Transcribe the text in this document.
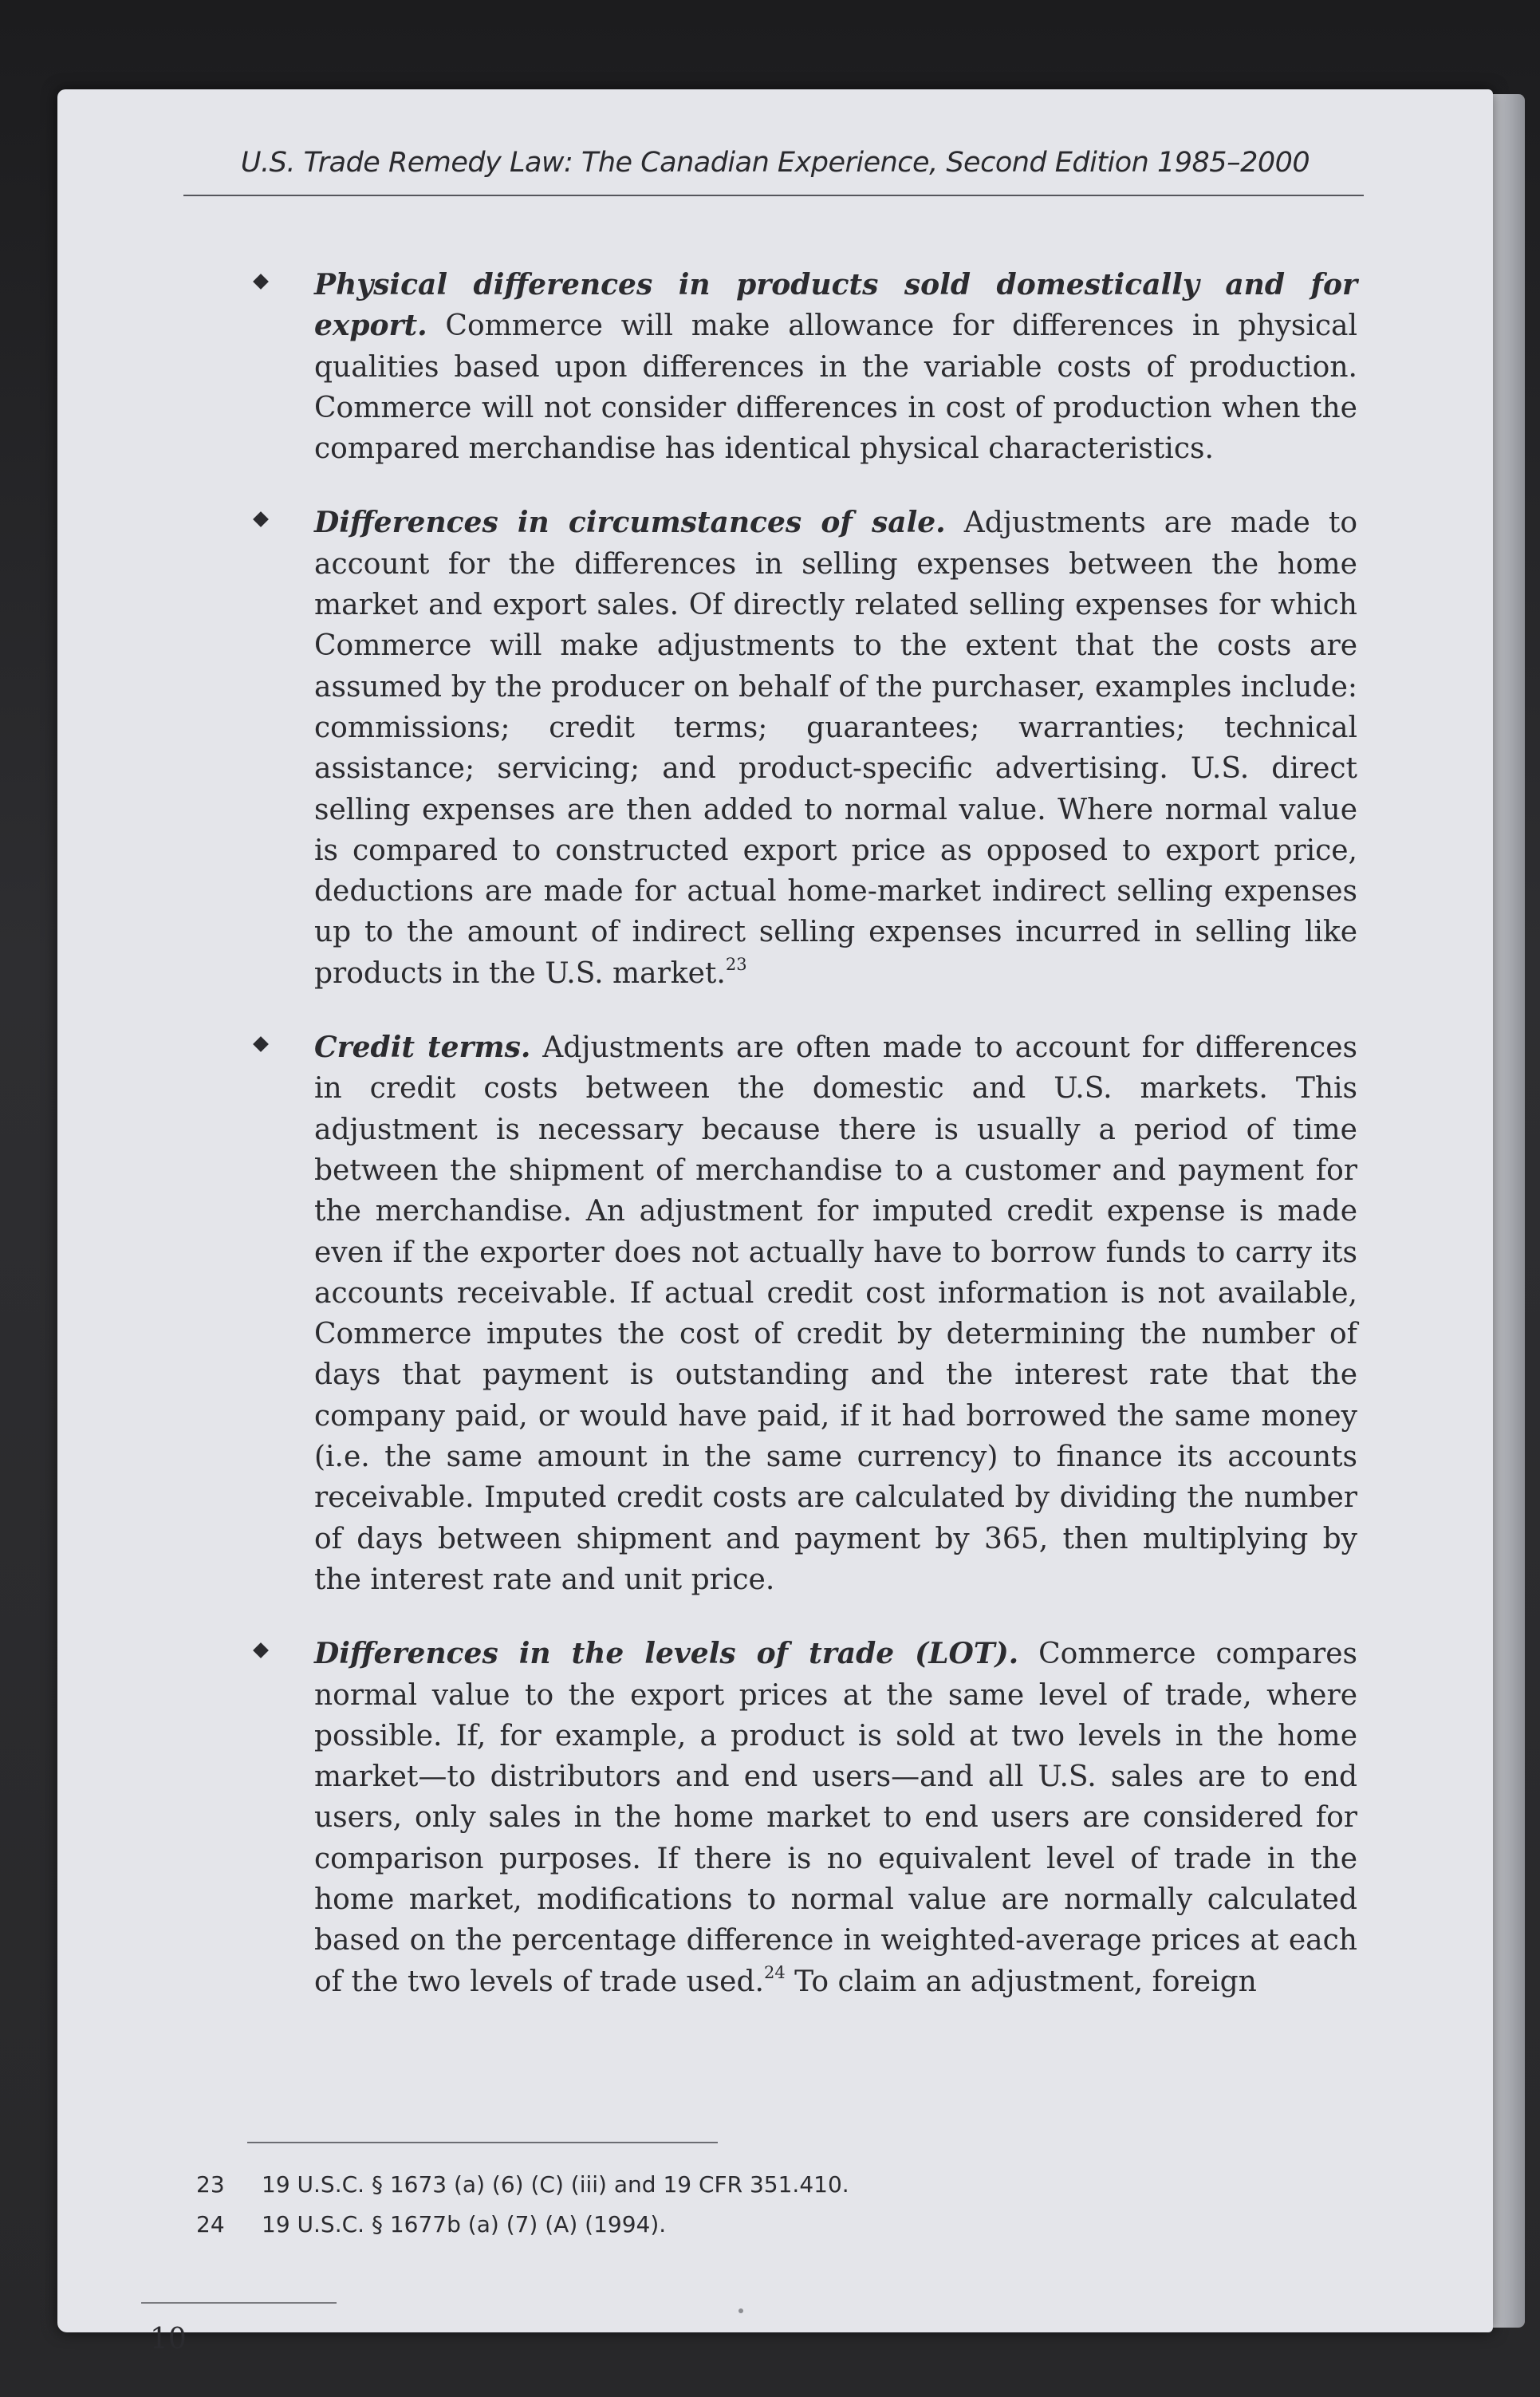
U.S. Trade Remedy Law: The Canadian Experience, Second Edition 1985–2000
Physical differences in products sold domestically and for export. Commerce will make allowance for differences in physical qualities based upon differences in the variable costs of production. Commerce will not consider differences in cost of production when the compared merchandise has identical physical characteristics.
Differences in circumstances of sale. Adjustments are made to account for the differences in selling expenses between the home market and export sales. Of directly related selling expenses for which Commerce will make adjustments to the extent that the costs are assumed by the producer on behalf of the purchaser, examples include: commissions; credit terms; guarantees; warranties; technical assistance; servicing; and product-specific advertising. U.S. direct selling expenses are then added to normal value. Where normal value is compared to constructed export price as opposed to export price, deductions are made for actual home-market indirect selling expenses up to the amount of indirect selling expenses incurred in selling like products in the U.S. market.$^{23}$
Credit terms. Adjustments are often made to account for differences in credit costs between the domestic and U.S. markets. This adjustment is necessary because there is usually a period of time between the shipment of merchandise to a customer and payment for the merchandise. An adjustment for imputed credit expense is made even if the exporter does not actually have to borrow funds to carry its accounts receivable. If actual credit cost information is not available, Commerce imputes the cost of credit by determining the number of days that payment is outstanding and the interest rate that the company paid, or would have paid, if it had borrowed the same money (i.e. the same amount in the same currency) to finance its accounts receivable. Imputed credit costs are calculated by dividing the number of days between shipment and payment by 365, then multiplying by the interest rate and unit price.
Differences in the levels of trade (LOT). Commerce compares normal value to the export prices at the same level of trade, where possible. If, for example, a product is sold at two levels in the home market—to distributors and end users—and all U.S. sales are to end users, only sales in the home market to end users are considered for comparison purposes. If there is no equivalent level of trade in the home market, modifications to normal value are normally calculated based on the percentage difference in weighted-average prices at each of the two levels of trade used.$^{24}$ To claim an adjustment, foreign
23	19 U.S.C. § 1673 (a) (6) (C) (iii) and 19 CFR 351.410.
24	19 U.S.C. § 1677b (a) (7) (A) (1994).
10
